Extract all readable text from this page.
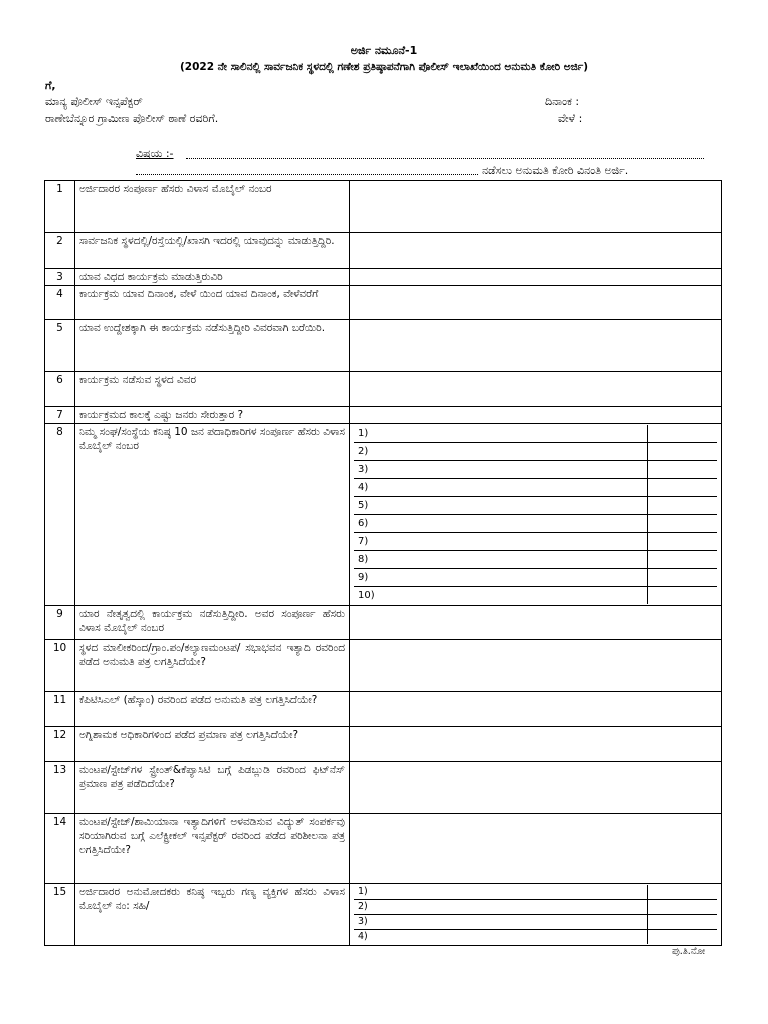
ಅರ್ಜಿ ನಮೂನೆ-1
(2022 ನೇ ಸಾಲಿನಲ್ಲಿ ಸಾರ್ವಜನಿಕ ಸ್ಥಳದಲ್ಲಿ ಗಣೇಶ ಪ್ರತಿಷ್ಠಾಪನೆಗಾಗಿ ಪೊಲೀಸ್ ಇಲಾಖೆಯಿಂದ ಅನುಮತಿ ಕೋರಿ ಅರ್ಜಿ)
ಗೆ,
ಮಾನ್ಯ ಪೊಲೀಸ್ ಇನ್ಸಪೆಕ್ಟರ್
ರಾಣೇಬೆನ್ನೂರ ಗ್ರಾಮೀಣ ಪೊಲೀಸ್ ಠಾಣೆ ರವರಿಗೆ.
ದಿನಾಂಕ :
ವೇಳೆ :
ವಿಷಯ :-
ನಡೆಸಲು ಅನುಮತಿ ಕೋರಿ ವಿನಂತಿ ಅರ್ಜಿ.
1	ಅರ್ಜಿದಾರರ ಸಂಪೂರ್ಣ ಹೆಸರು ವಿಳಾಸ ಮೊಬೈಲ್ ನಂಬರ	
2	ಸಾರ್ವಜನಿಕ ಸ್ಥಳದಲ್ಲಿ/ರಸ್ತೆಯಲ್ಲಿ/ಖಾಸಗಿ ಇದರಲ್ಲಿ ಯಾವುದನ್ನು ಮಾಡುತ್ತಿದ್ದಿರಿ.	
3	ಯಾವ ವಿಧದ ಕಾರ್ಯಕ್ರಮ ಮಾಡುತ್ತಿರುವಿರಿ	
4	ಕಾರ್ಯಕ್ರಮ ಯಾವ ದಿನಾಂಕ, ವೇಳೆ ಯಿಂದ ಯಾವ ದಿನಾಂಕ, ವೇಳೆವರೆಗೆ	
5	ಯಾವ ಉದ್ದೇಶಕ್ಕಾಗಿ ಈ ಕಾರ್ಯಕ್ರಮ ನಡೆಸುತ್ತಿದ್ದೀರಿ ವಿವರವಾಗಿ ಬರೆಯಿರಿ.	
6	ಕಾರ್ಯಕ್ರಮ ನಡೆಸುವ ಸ್ಥಳದ ವಿವರ	
7	ಕಾರ್ಯಕ್ರಮದ ಕಾಲಕ್ಕೆ ಎಷ್ಟು ಜನರು ಸೇರುತ್ತಾರ ?	
8	ನಿಮ್ಮ ಸಂಘ/ಸಂಸ್ಥೆಯ ಕನಿಷ್ಠ 10 ಜನ ಪದಾಧಿಕಾರಿಗಳ ಸಂಪೂರ್ಣ ಹೆಸರು ವಿಳಾಸ ಮೊಬೈಲ್ ನಂಬರ	
1)	
2)	
3)	
4)	
5)	
6)	
7)	
8)	
9)	
10)	

9	ಯಾರ ನೇತೃತ್ವದಲ್ಲಿ ಕಾರ್ಯಕ್ರಮ ನಡೆಸುತ್ತಿದ್ದೀರಿ. ಅವರ ಸಂಪೂರ್ಣ ಹೆಸರು ವಿಳಾಸ ಮೊಬೈಲ್ ನಂಬರ	
10	ಸ್ಥಳದ ಮಾಲೀಕರಿಂದ/ಗ್ರಾಂ.ಪಂ/ಕಲ್ಯಾಣಮಂಟಪ/ ಸಭಾಭವನ ಇತ್ಯಾದಿ ರವರಿಂದ ಪಡೆದ ಅನುಮತಿ ಪತ್ರ ಲಗತ್ತಿಸಿದೆಯೇ?	
11	ಕೆಪಿಟಿಸಿಎಲ್ (ಹೆಸ್ಕಾಂ) ರವರಿಂದ ಪಡೆದ ಅನುಮತಿ ಪತ್ರ ಲಗತ್ತಿಸಿದೆಯೇ?	
12	ಅಗ್ನಿಶಾಮಕ ಅಧಿಕಾರಿಗಳಿಂದ ಪಡೆದ ಪ್ರಮಾಣ ಪತ್ರ ಲಗತ್ತಿಸಿದೆಯೇ?	
13	ಮಂಟಪ/ಸ್ಟೇಜ್‌ಗಳ ಸ್ಟ್ರೇಂತ್&ಕೆಪ್ಯಾಸಿಟಿ ಬಗ್ಗೆ ಪಿಡಬ್ಲುಡಿ ರವರಿಂದ ಫಿಟ್‌ನೆಸ್ ಪ್ರಮಾಣ ಪತ್ರ ಪಡೆದಿದೆಯೇ?	
14	ಮಂಟಪ/ಸ್ಟೇಜ್/ಶಾಮಿಯಾನಾ ಇತ್ಯಾದಿಗಳಿಗೆ ಅಳವಡಿಸುವ ವಿದ್ಯುತ್ ಸಂಪರ್ಕವು ಸರಿಯಾಗಿರುವ ಬಗ್ಗೆ ಎಲೆಕ್ಟ್ರೀಕಲ್ ಇನ್ಸಪೆಕ್ಟರ್ ರವರಿಂದ ಪಡೆದ ಪರಿಶೀಲನಾ ಪತ್ರ ಲಗತ್ತಿಸಿದೆಯೇ?	
15	ಅರ್ಜಿದಾರರ ಅನುಮೋದಕರು ಕನಿಷ್ಠ ಇಬ್ಬರು ಗಣ್ಯ ವ್ಯಕ್ತಿಗಳ ಹೆಸರು ವಿಳಾಸ ಮೊಬೈಲ್ ನಂ: ಸಹಿ/	
1)	
2)	
3)	
4)	
ಪು.ತಿ.ನೋ
